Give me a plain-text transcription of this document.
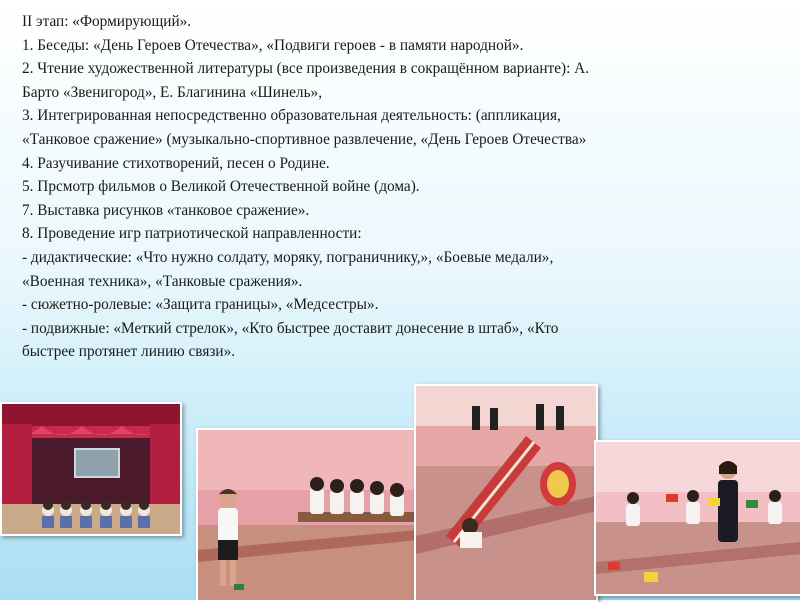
II этап: «Формирующий».
1. Беседы: «День Героев Отечества», «Подвиги героев - в памяти народной».
2. Чтение художественной литературы (все произведения в сокращённом варианте): А.
Барто «Звенигород», Е. Благинина «Шинель»,
3. Интегрированная непосредственно образовательная деятельность: (аппликация,
«Танковое сражение» (музыкально-спортивное развлечение, «День Героев Отечества»
4. Разучивание стихотворений, песен о Родине.
5. Прсмотр фильмов о Великой Отечественной войне (дома).
7. Выставка рисунков «танковое сражение».
8. Проведение игр патриотической направленности:
- дидактические: «Что нужно солдату, моряку, пограничнику,», «Боевые медали»,
«Военная техника», «Танковые сражения».
- сюжетно-ролевые: «Защита границы», «Медсестры».
- подвижные: «Меткий стрелок», «Кто быстрее доставит донесение в штаб», «Кто
быстрее протянет линию связи».
